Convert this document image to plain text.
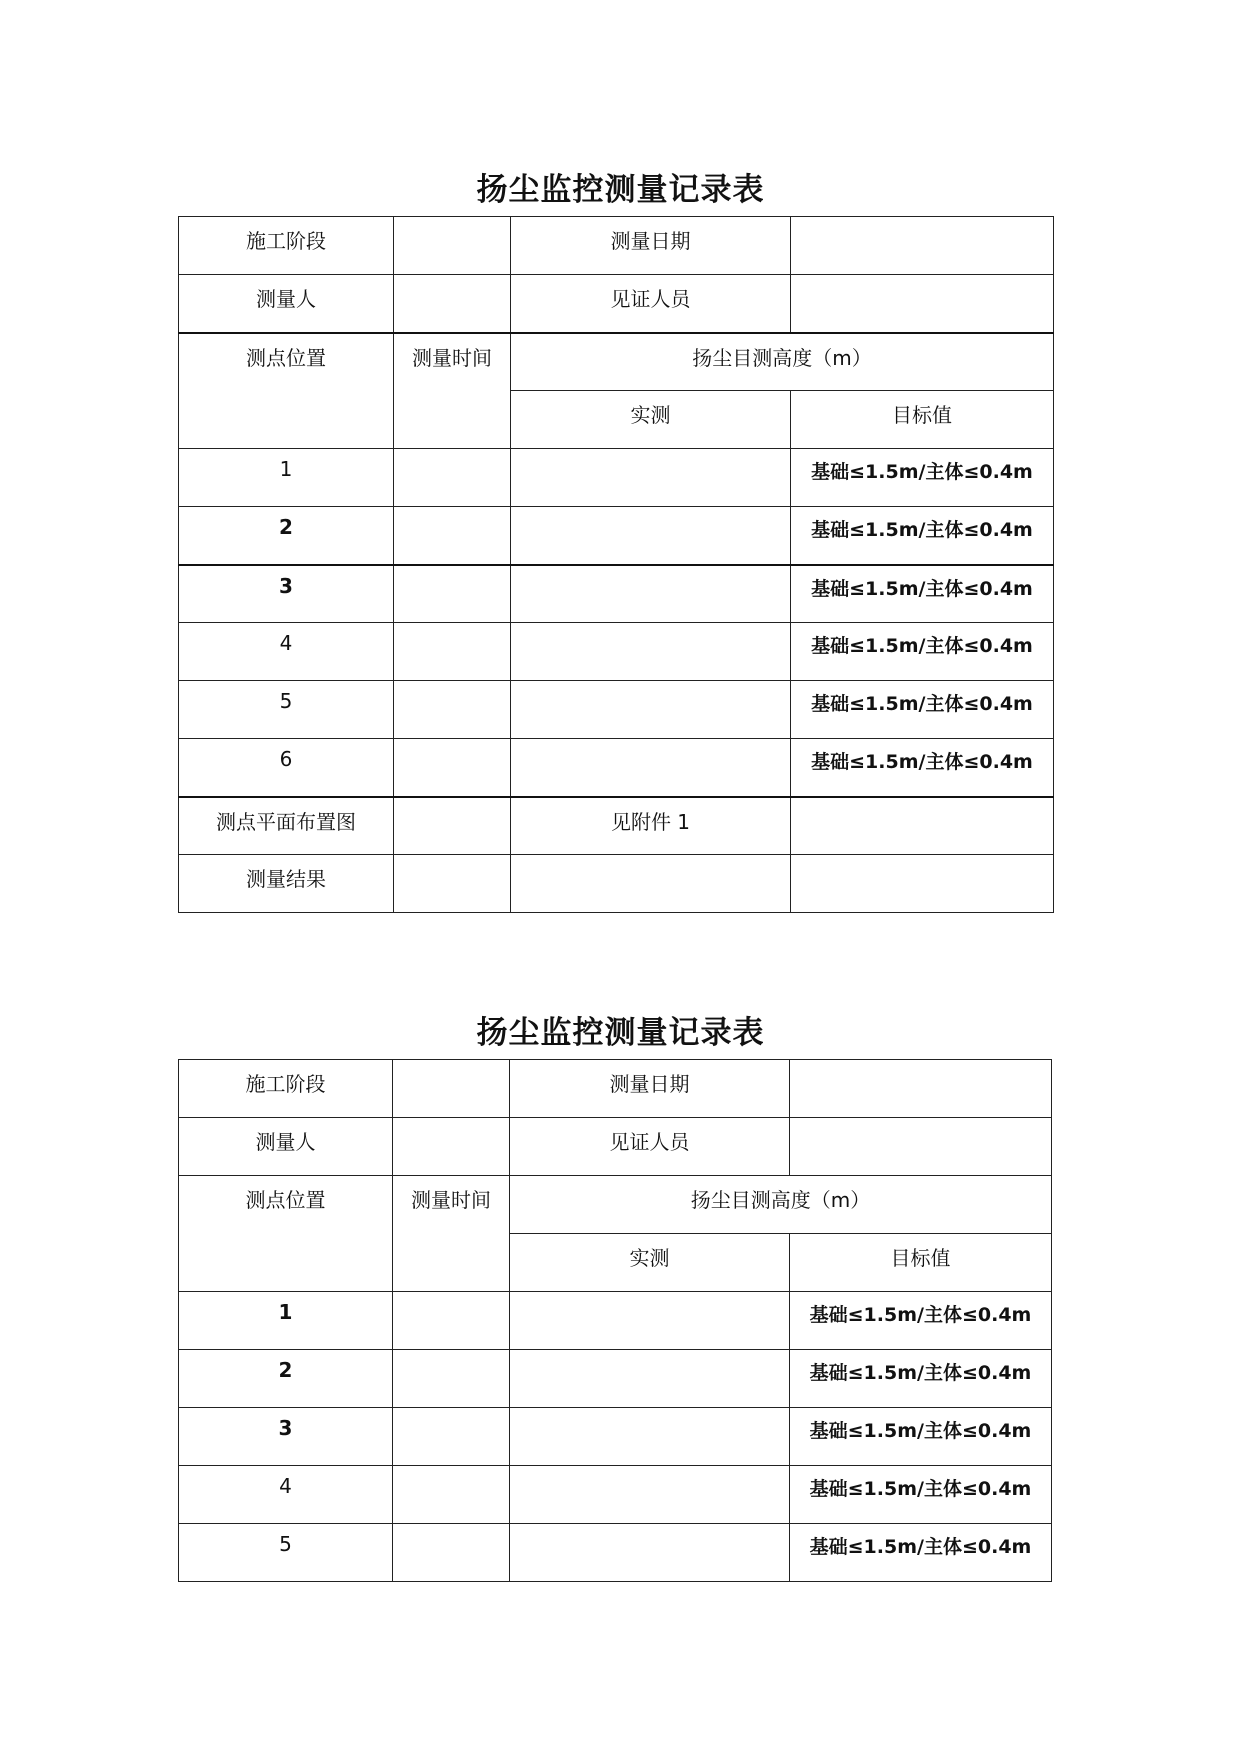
扬尘监控测量记录表
施工阶段		测量日期	
测量人		见证人员	
测点位置	测量时间	扬尘目测高度（m）	
		实测	目标值
1			基础≤1.5m/主体≤0.4m
2			基础≤1.5m/主体≤0.4m
3			基础≤1.5m/主体≤0.4m
4			基础≤1.5m/主体≤0.4m
5			基础≤1.5m/主体≤0.4m
6			基础≤1.5m/主体≤0.4m
测点平面布置图		见附件 1	
测量结果			
扬尘监控测量记录表
施工阶段		测量日期	
测量人		见证人员	
测点位置	测量时间	扬尘目测高度（m）	
		实测	目标值
1			基础≤1.5m/主体≤0.4m
2			基础≤1.5m/主体≤0.4m
3			基础≤1.5m/主体≤0.4m
4			基础≤1.5m/主体≤0.4m
5			基础≤1.5m/主体≤0.4m
